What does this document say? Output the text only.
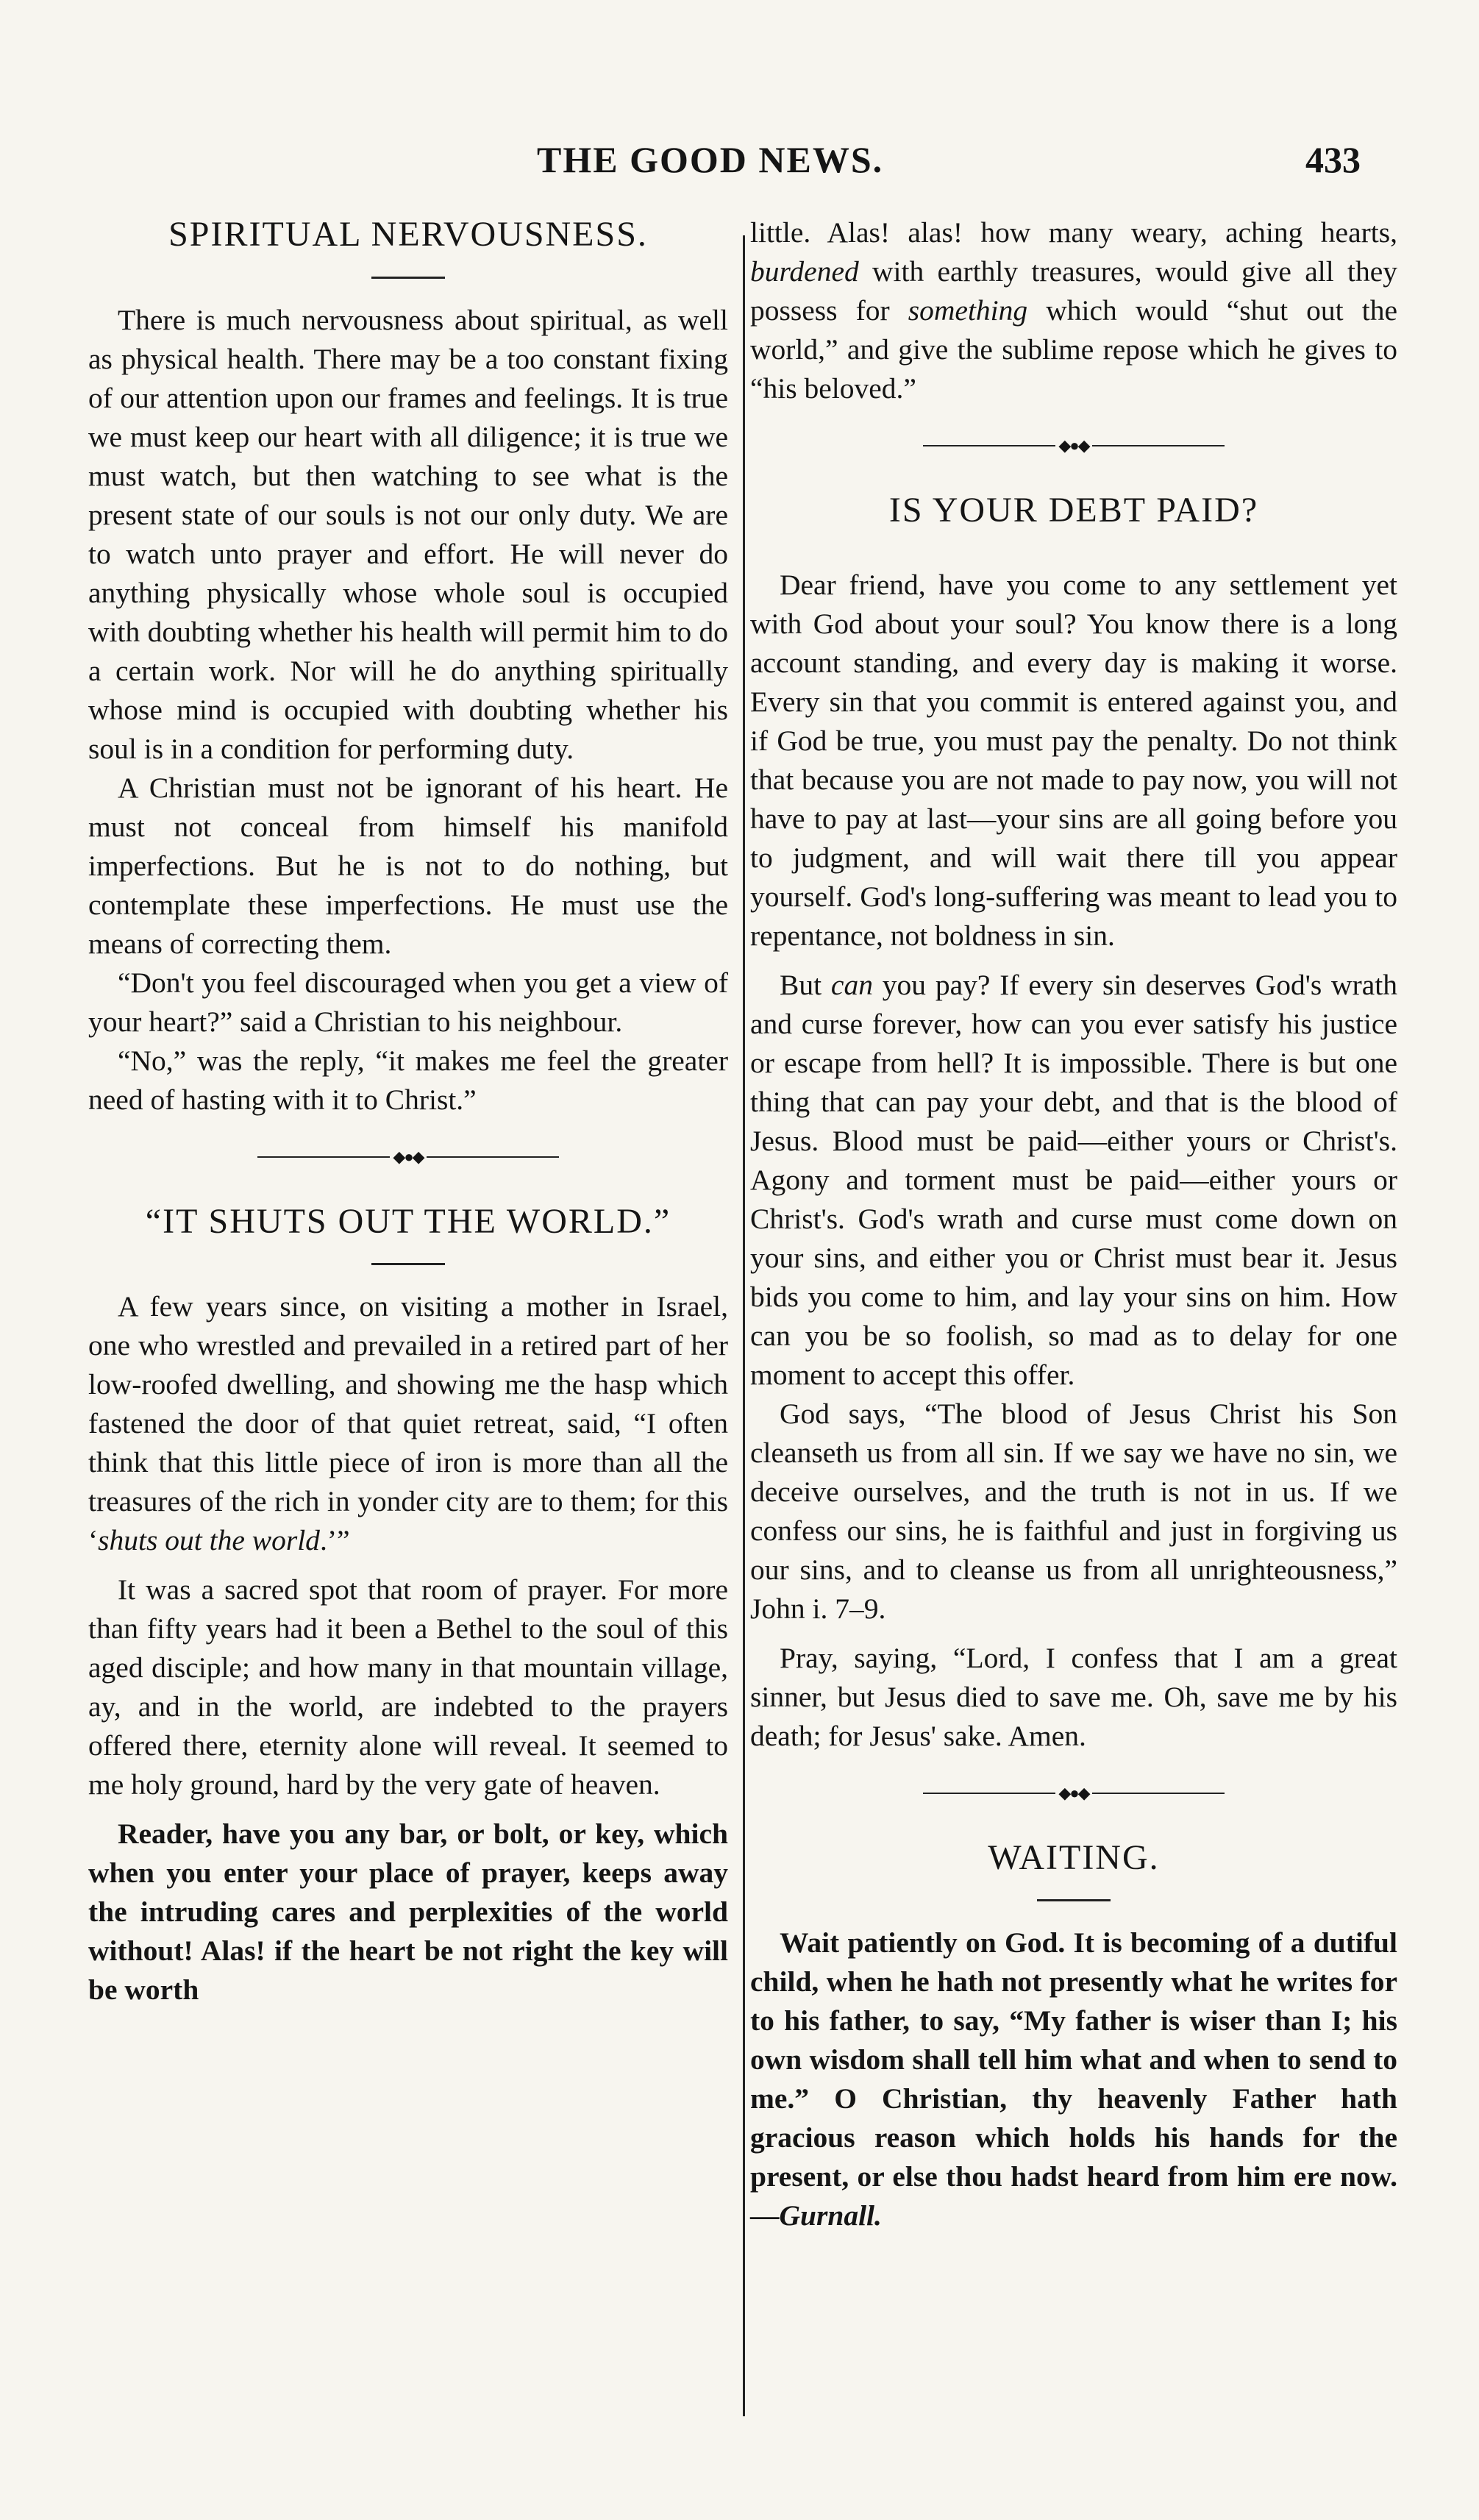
THE GOOD NEWS.	433
SPIRITUAL NERVOUSNESS.

There is much nervousness about spiritual, as well as physical health. There may be a too constant fixing of our attention upon our frames and feelings. It is true we must keep our heart with all diligence; it is true we must watch, but then watching to see what is the present state of our souls is not our only duty. We are to watch unto prayer and effort. He will never do anything physically whose whole soul is occupied with doubting whether his health will permit him to do a certain work. Nor will he do anything spiritually whose mind is occupied with doubting whether his soul is in a condition for performing duty.

A Christian must not be ignorant of his heart. He must not conceal from himself his manifold imperfections. But he is not to do nothing, but contemplate these imperfections. He must use the means of correcting them.

“Don't you feel discouraged when you get a view of your heart?” said a Christian to his neighbour.

“No,” was the reply, “it makes me feel the greater need of hasting with it to Christ.”

◆●◆
“IT SHUTS OUT THE WORLD.”

A few years since, on visiting a mother in Israel, one who wrestled and prevailed in a retired part of her low-roofed dwelling, and showing me the hasp which fastened the door of that quiet retreat, said, “I often think that this little piece of iron is more than all the treasures of the rich in yonder city are to them; for this ‘shuts out the world.’”

It was a sacred spot that room of prayer. For more than fifty years had it been a Bethel to the soul of this aged disciple; and how many in that mountain village, ay, and in the world, are indebted to the prayers offered there, eternity alone will reveal. It seemed to me holy ground, hard by the very gate of heaven.

Reader, have you any bar, or bolt, or key, which when you enter your place of prayer, keeps away the intruding cares and perplexities of the world without! Alas! if the heart be not right the key will be worth

little. Alas! alas! how many weary, aching hearts, burdened with earthly treasures, would give all they possess for something which would “shut out the world,” and give the sublime repose which he gives to “his beloved.”

◆●◆
IS YOUR DEBT PAID?

Dear friend, have you come to any settlement yet with God about your soul? You know there is a long account standing, and every day is making it worse. Every sin that you commit is entered against you, and if God be true, you must pay the penalty. Do not think that because you are not made to pay now, you will not have to pay at last—your sins are all going before you to judgment, and will wait there till you appear yourself. God's long-suffering was meant to lead you to repentance, not boldness in sin.

But can you pay? If every sin deserves God's wrath and curse forever, how can you ever satisfy his justice or escape from hell? It is impossible. There is but one thing that can pay your debt, and that is the blood of Jesus. Blood must be paid—either yours or Christ's. Agony and torment must be paid—either yours or Christ's. God's wrath and curse must come down on your sins, and either you or Christ must bear it. Jesus bids you come to him, and lay your sins on him. How can you be so foolish, so mad as to delay for one moment to accept this offer.

God says, “The blood of Jesus Christ his Son cleanseth us from all sin. If we say we have no sin, we deceive ourselves, and the truth is not in us. If we confess our sins, he is faithful and just in forgiving us our sins, and to cleanse us from all unrighteousness,” John i. 7–9.

Pray, saying, “Lord, I confess that I am a great sinner, but Jesus died to save me. Oh, save me by his death; for Jesus' sake. Amen.

◆●◆
WAITING.

Wait patiently on God. It is becoming of a dutiful child, when he hath not presently what he writes for to his father, to say, “My father is wiser than I; his own wisdom shall tell him what and when to send to me.” O Christian, thy heavenly Father hath gracious reason which holds his hands for the present, or else thou hadst heard from him ere now.—Gurnall.
